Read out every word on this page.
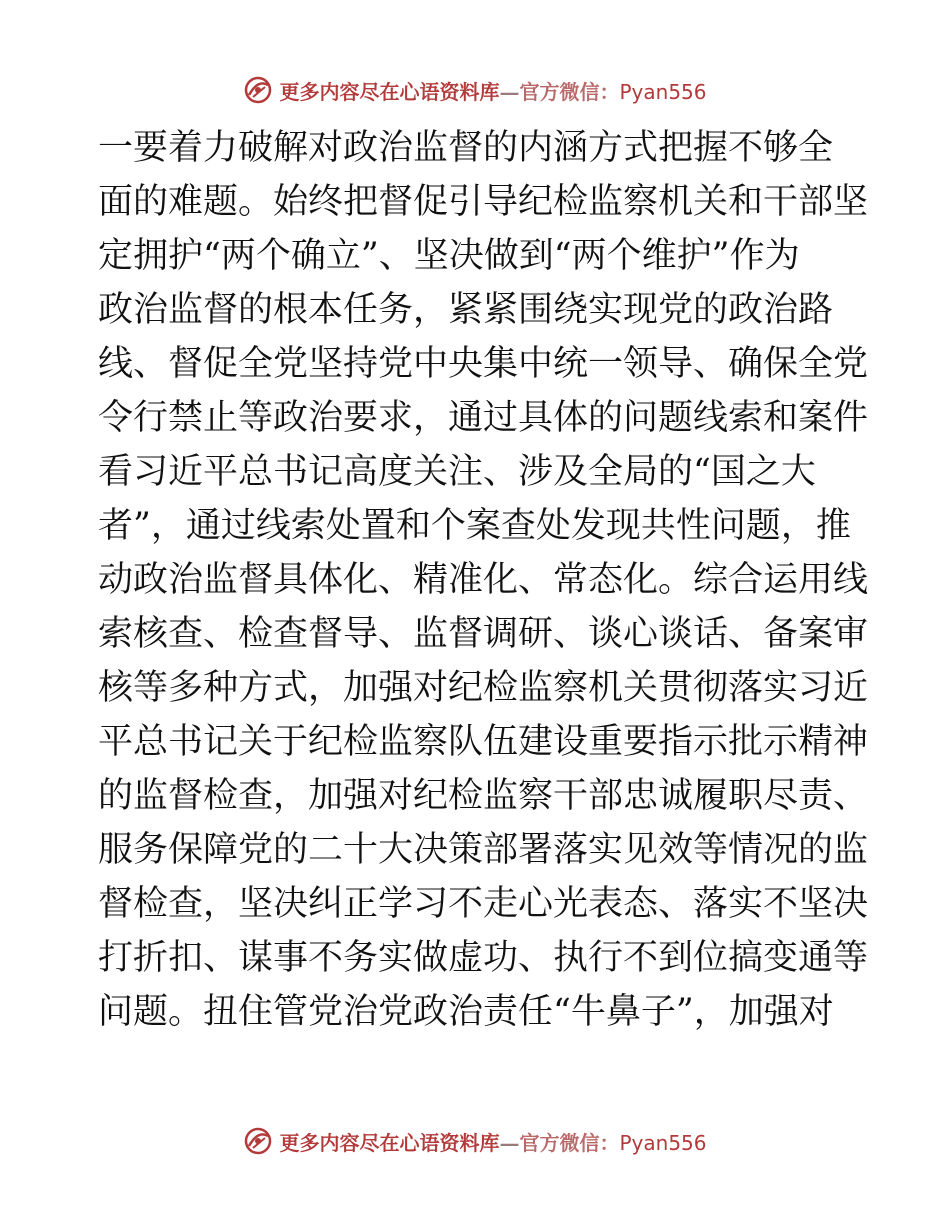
更多内容尽在心语资料库—官方微信：Pyan556
一要着力破解对政治监督的内涵方式把握不够全
面的难题。始终把督促引导纪检监察机关和干部坚
定拥护“两个确立”、坚决做到“两个维护”作为
政治监督的根本任务，紧紧围绕实现党的政治路
线、督促全党坚持党中央集中统一领导、确保全党
令行禁止等政治要求，通过具体的问题线索和案件
看习近平总书记高度关注、涉及全局的“国之大
者”，通过线索处置和个案查处发现共性问题，推
动政治监督具体化、精准化、常态化。综合运用线
索核查、检查督导、监督调研、谈心谈话、备案审
核等多种方式，加强对纪检监察机关贯彻落实习近
平总书记关于纪检监察队伍建设重要指示批示精神
的监督检查，加强对纪检监察干部忠诚履职尽责、
服务保障党的二十大决策部署落实见效等情况的监
督检查，坚决纠正学习不走心光表态、落实不坚决
打折扣、谋事不务实做虚功、执行不到位搞变通等
问题。扭住管党治党政治责任“牛鼻子”，加强对
更多内容尽在心语资料库—官方微信：Pyan556
